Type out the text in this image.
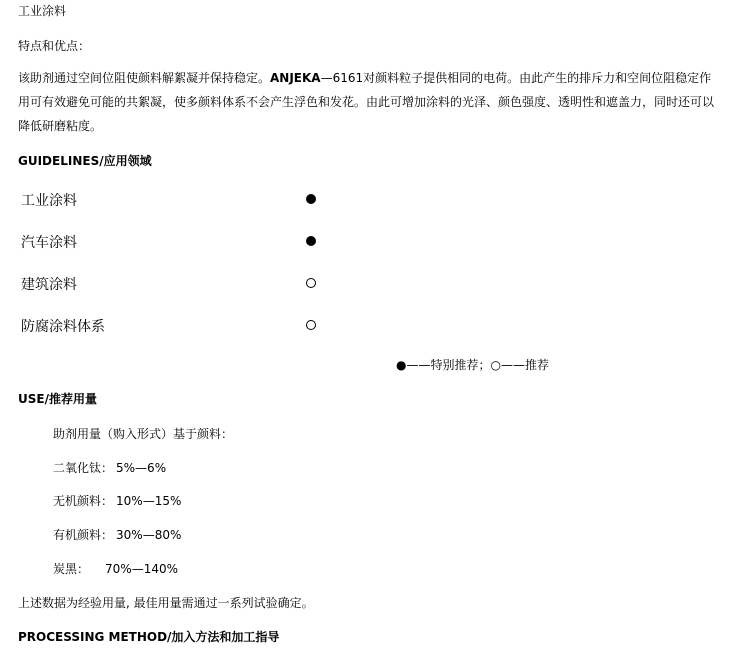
工业涂料
特点和优点：
该助剂通过空间位阻使颜料解絮凝并保持稳定。ANJEKA—6161对颜料粒子提供相同的电荷。由此产生的排斥力和空间位阻稳定作用可有效避免可能的共絮凝，使多颜料体系不会产生浮色和发花。由此可增加涂料的光泽、颜色强度、透明性和遮盖力，同时还可以降低研磨粘度。
GUIDELINES/应用领域
工业涂料
汽车涂料
建筑涂料
防腐涂料体系
●——特别推荐；○——推荐
USE/推荐用量
助剂用量（购入形式）基于颜料：
二氧化钛： 5%—6%
无机颜料： 10%—15%
有机颜料： 30%—80%
炭黑： 70%—140%
上述数据为经验用量, 最佳用量需通过一系列试验确定。
PROCESSING METHOD/加入方法和加工指导
